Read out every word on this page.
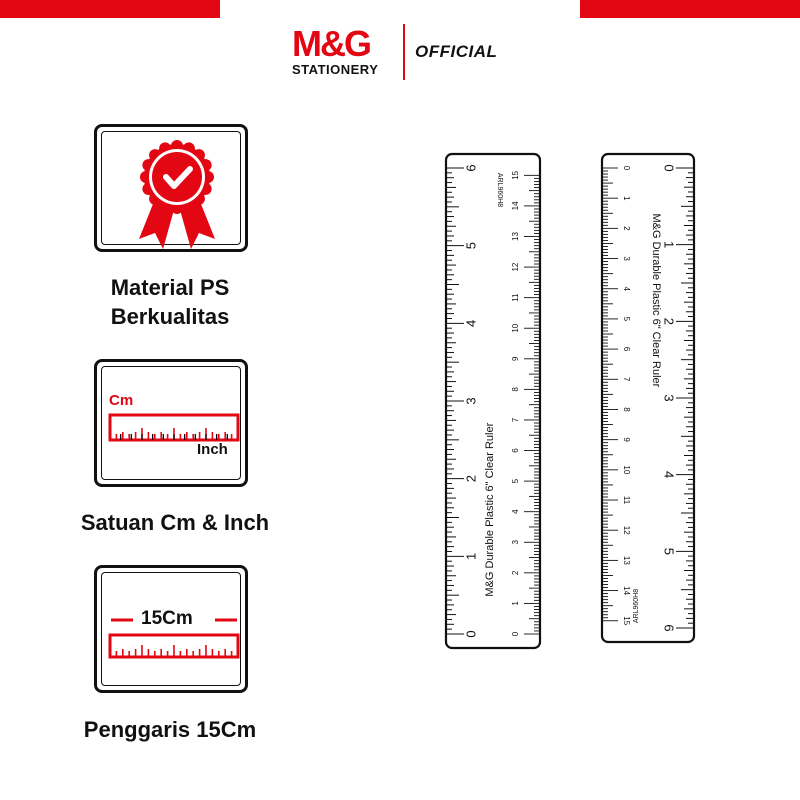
M&G
STATIONERY
OFFICIAL
Material PS
Berkualitas
Cm
Inch
Satuan Cm & Inch
15Cm
Penggaris 15Cm
0
1
2
3
4
5
6
0
1
2
3
4
5
6
7
8
9
10
11
12
13
14
15
M&G Durable Plastic 6" Clear Ruler
ARL960H8
0
1
2
3
4
5
6
0
1
2
3
4
5
6
7
8
9
10
11
12
13
14
15
M&G Durable Plastic 6" Clear Ruler
ARL960H8
